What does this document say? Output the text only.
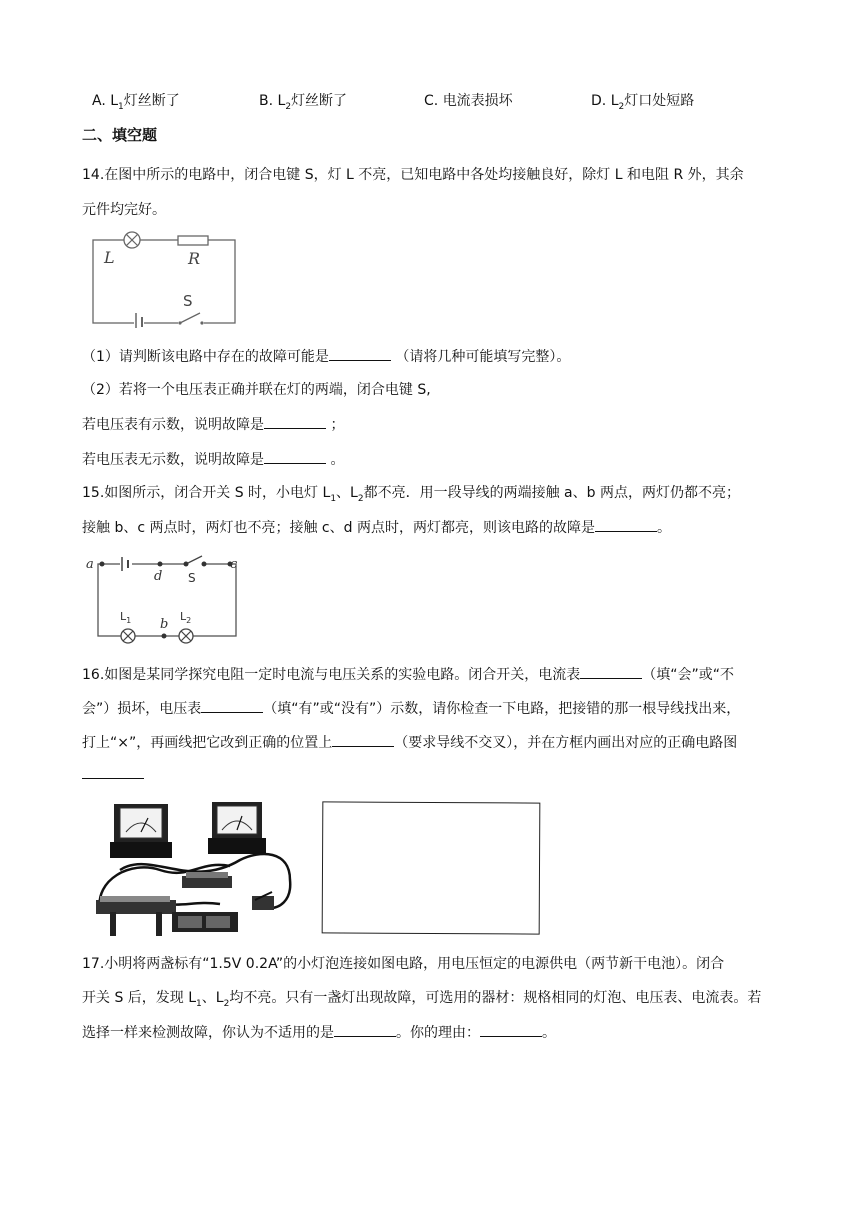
A. $L_1$灯丝断了	B. $L_2$灯丝断了	C. 电流表损坏	D. $L_2$灯口处短路
二、填空题
14.在图中所示的电路中，闭合电键 S，灯 L 不亮，已知电路中各处均接触良好，除灯 L 和电阻 R 外，其余
元件均完好。
L	R
S
（1）请判断该电路中存在的故障可能是	（请将几种可能填写完整）。
（2）若将一个电压表正确并联在灯的两端，闭合电键 S,
若电压表有示数，说明故障是	；
若电压表无示数，说明故障是	。
15.如图所示，闭合开关 S 时，小电灯 $L_1$、$L_2$都不亮．用一段导线的两端接触 a、b 两点，两灯仍都不亮；
接触 b、c 两点时，两灯也不亮；接触 c、d 两点时，两灯都亮，则该电路的故障是	。
a
d S
c
$L_1$ b
$L_2$
16.如图是某同学探究电阻一定时电流与电压关系的实验电路。闭合开关，电流表	（填“会”或“不
会”）损坏，电压表	（填“有”或“没有”）示数，请你检查一下电路，把接错的那一根导线找出来，
打上“×”，再画线把它改到正确的位置上	（要求导线不交叉），并在方框内画出对应的正确电路图
17.小明将两盏标有“1.5V 0.2A”的小灯泡连接如图电路，用电压恒定的电源供电（两节新干电池）。闭合
开关 S 后，发现 $L_1$、$L_2$均不亮。只有一盏灯出现故障，可选用的器材：规格相同的灯泡、电压表、电流表。若
选择一样来检测故障，你认为不适用的是	。你的理由：	。
